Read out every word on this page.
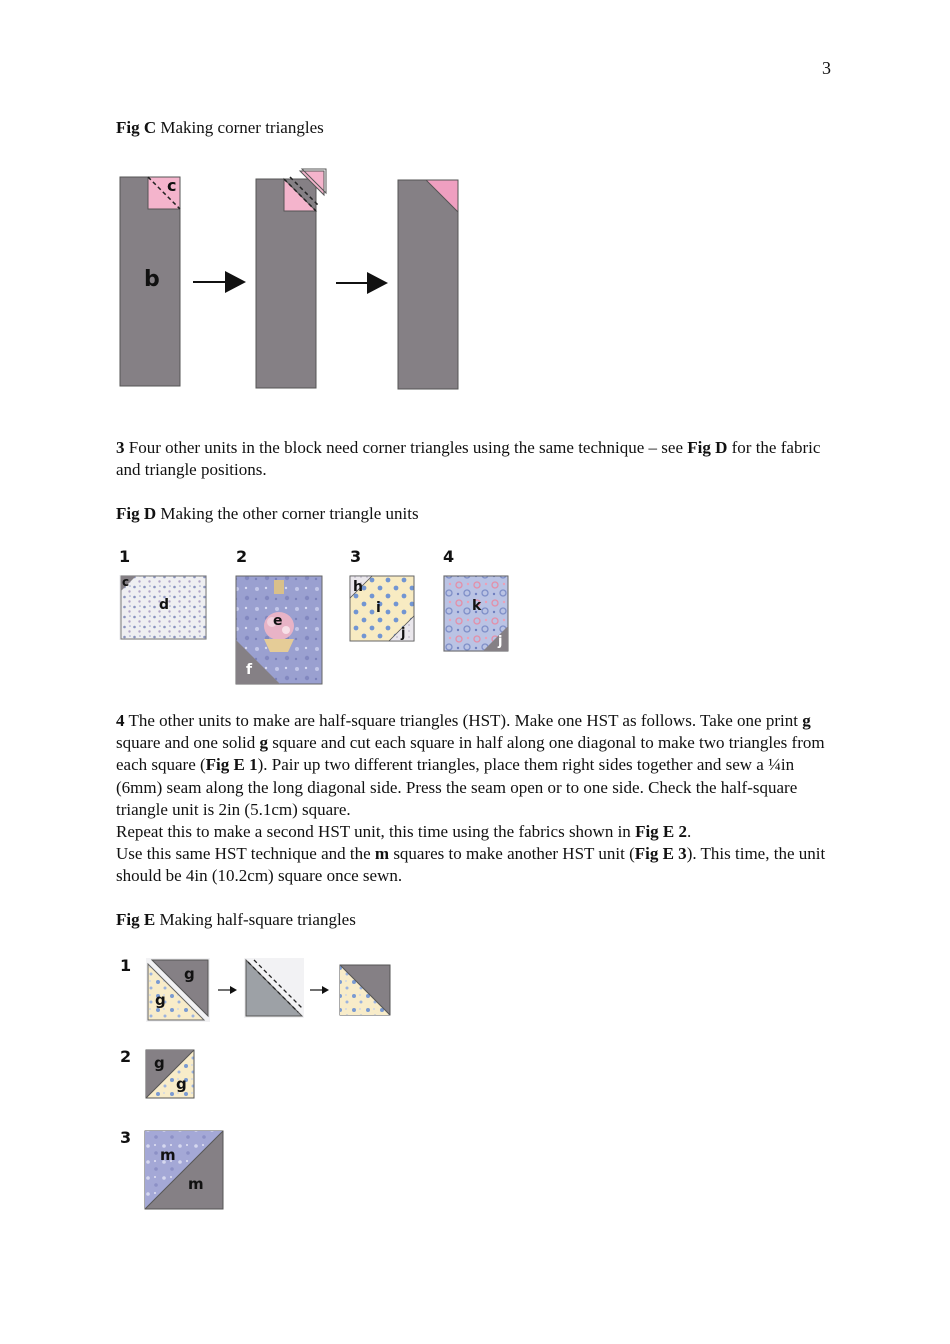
3
Fig C Making corner triangles
c
b
3 Four other units in the block need corner triangles using the same technique – see Fig D for the fabric and triangle positions.
Fig D Making the other corner triangle units
1
c
d
2
e
f
3
h
i
j
4
k
j
4 The other units to make are half-square triangles (HST). Make one HST as follows. Take one print g square and one solid g square and cut each square in half along one diagonal to make two triangles from each square (Fig E 1). Pair up two different triangles, place them right sides together and sew a ¼in (6mm) seam along the long diagonal side. Press the seam open or to one side. Check the half-square triangle unit is 2in (5.1cm) square.
Repeat this to make a second HST unit, this time using the fabrics shown in Fig E 2.
Use this same HST technique and the m squares to make another HST unit (Fig E 3). This time, the unit should be 4in (10.2cm) square once sewn.
Fig E Making half-square triangles
1	g
g
2 g
g
3
m
m
